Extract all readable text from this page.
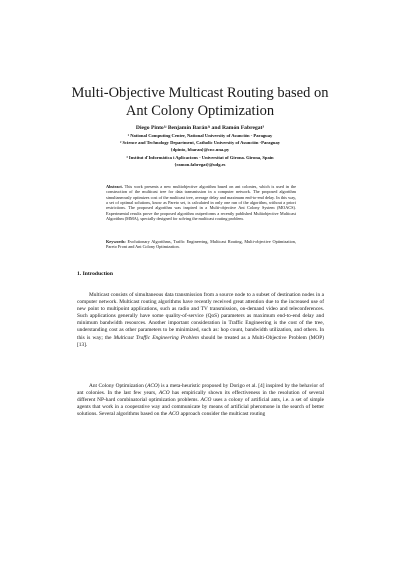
Multi-Objective Multicast Routing based on
Ant Colony Optimization
Diego Pinto¹ʲ Benjamín Barán¹ʲ and Ramón Fabregat³
¹ National Computing Center, National University of Asunción - Paraguay
² Science and Technology Department, Catholic University of Asunción -Paraguay
{dpinto, bbaran}@cnc.una.py
³ Institut d'Informàtica i Aplicacions - Universitat of Girona. Girona, Spain
{ramon.fabregat}@udg.es
Abstract. This work presents a new multiobjective algorithm based on ant colonies, which is used in the construction of the multicast tree for data transmission in a computer network. The proposed algorithm simultaneously optimizes cost of the multicast tree, average delay and maximum end-to-end delay. In this way, a set of optimal solutions, know as Pareto set, is calculated in only one run of the algorithm, without a priori restrictions. The proposed algorithm was inspired in a Multi-objective Ant Colony System (MOACS). Experimental results prove the proposed algorithm outperforms a recently published Multiobjective Multicast Algorithm (MMA), specially designed for solving the multicast routing problem.
Keywords: Evolutionary Algorithms, Traffic Engineering, Multicast Routing, Multi-objective Optimization, Pareto Front and Ant Colony Optimization.
1. Introduction
Multicast consists of simultaneous data transmission from a source node to a subset of destination nodes in a computer network. Multicast routing algorithms have recently received great attention due to the increased use of new point to multipoint applications, such as radio and TV transmission, on-demand video and teleconferences. Such applications generally have some quality-of-service (QoS) parameters as maximum end-to-end delay and minimum bandwidth resources. Another important consideration in Traffic Engineering is the cost of the tree, understanding cost as other parameters to be minimized, such as: hop count, bandwidth utilization, and others. In this is way; the Multicast Traffic Engineering Problem should be treated as a Multi-Objective Problem (MOP) [13].
Ant Colony Optimization (ACO) is a meta-heuristic proposed by Dorigo et al. [4] inspired by the behavior of ant colonies. In the last few years, ACO has empirically shown its effectiveness in the resolution of several different NP-hard combinatorial optimization problems. ACO uses a colony of artificial ants, i.e. a set of simple agents that work in a cooperative way and communicate by means of artificial pheromone in the search of better solutions. Several algorithms based on the ACO approach consider the multicast routing
